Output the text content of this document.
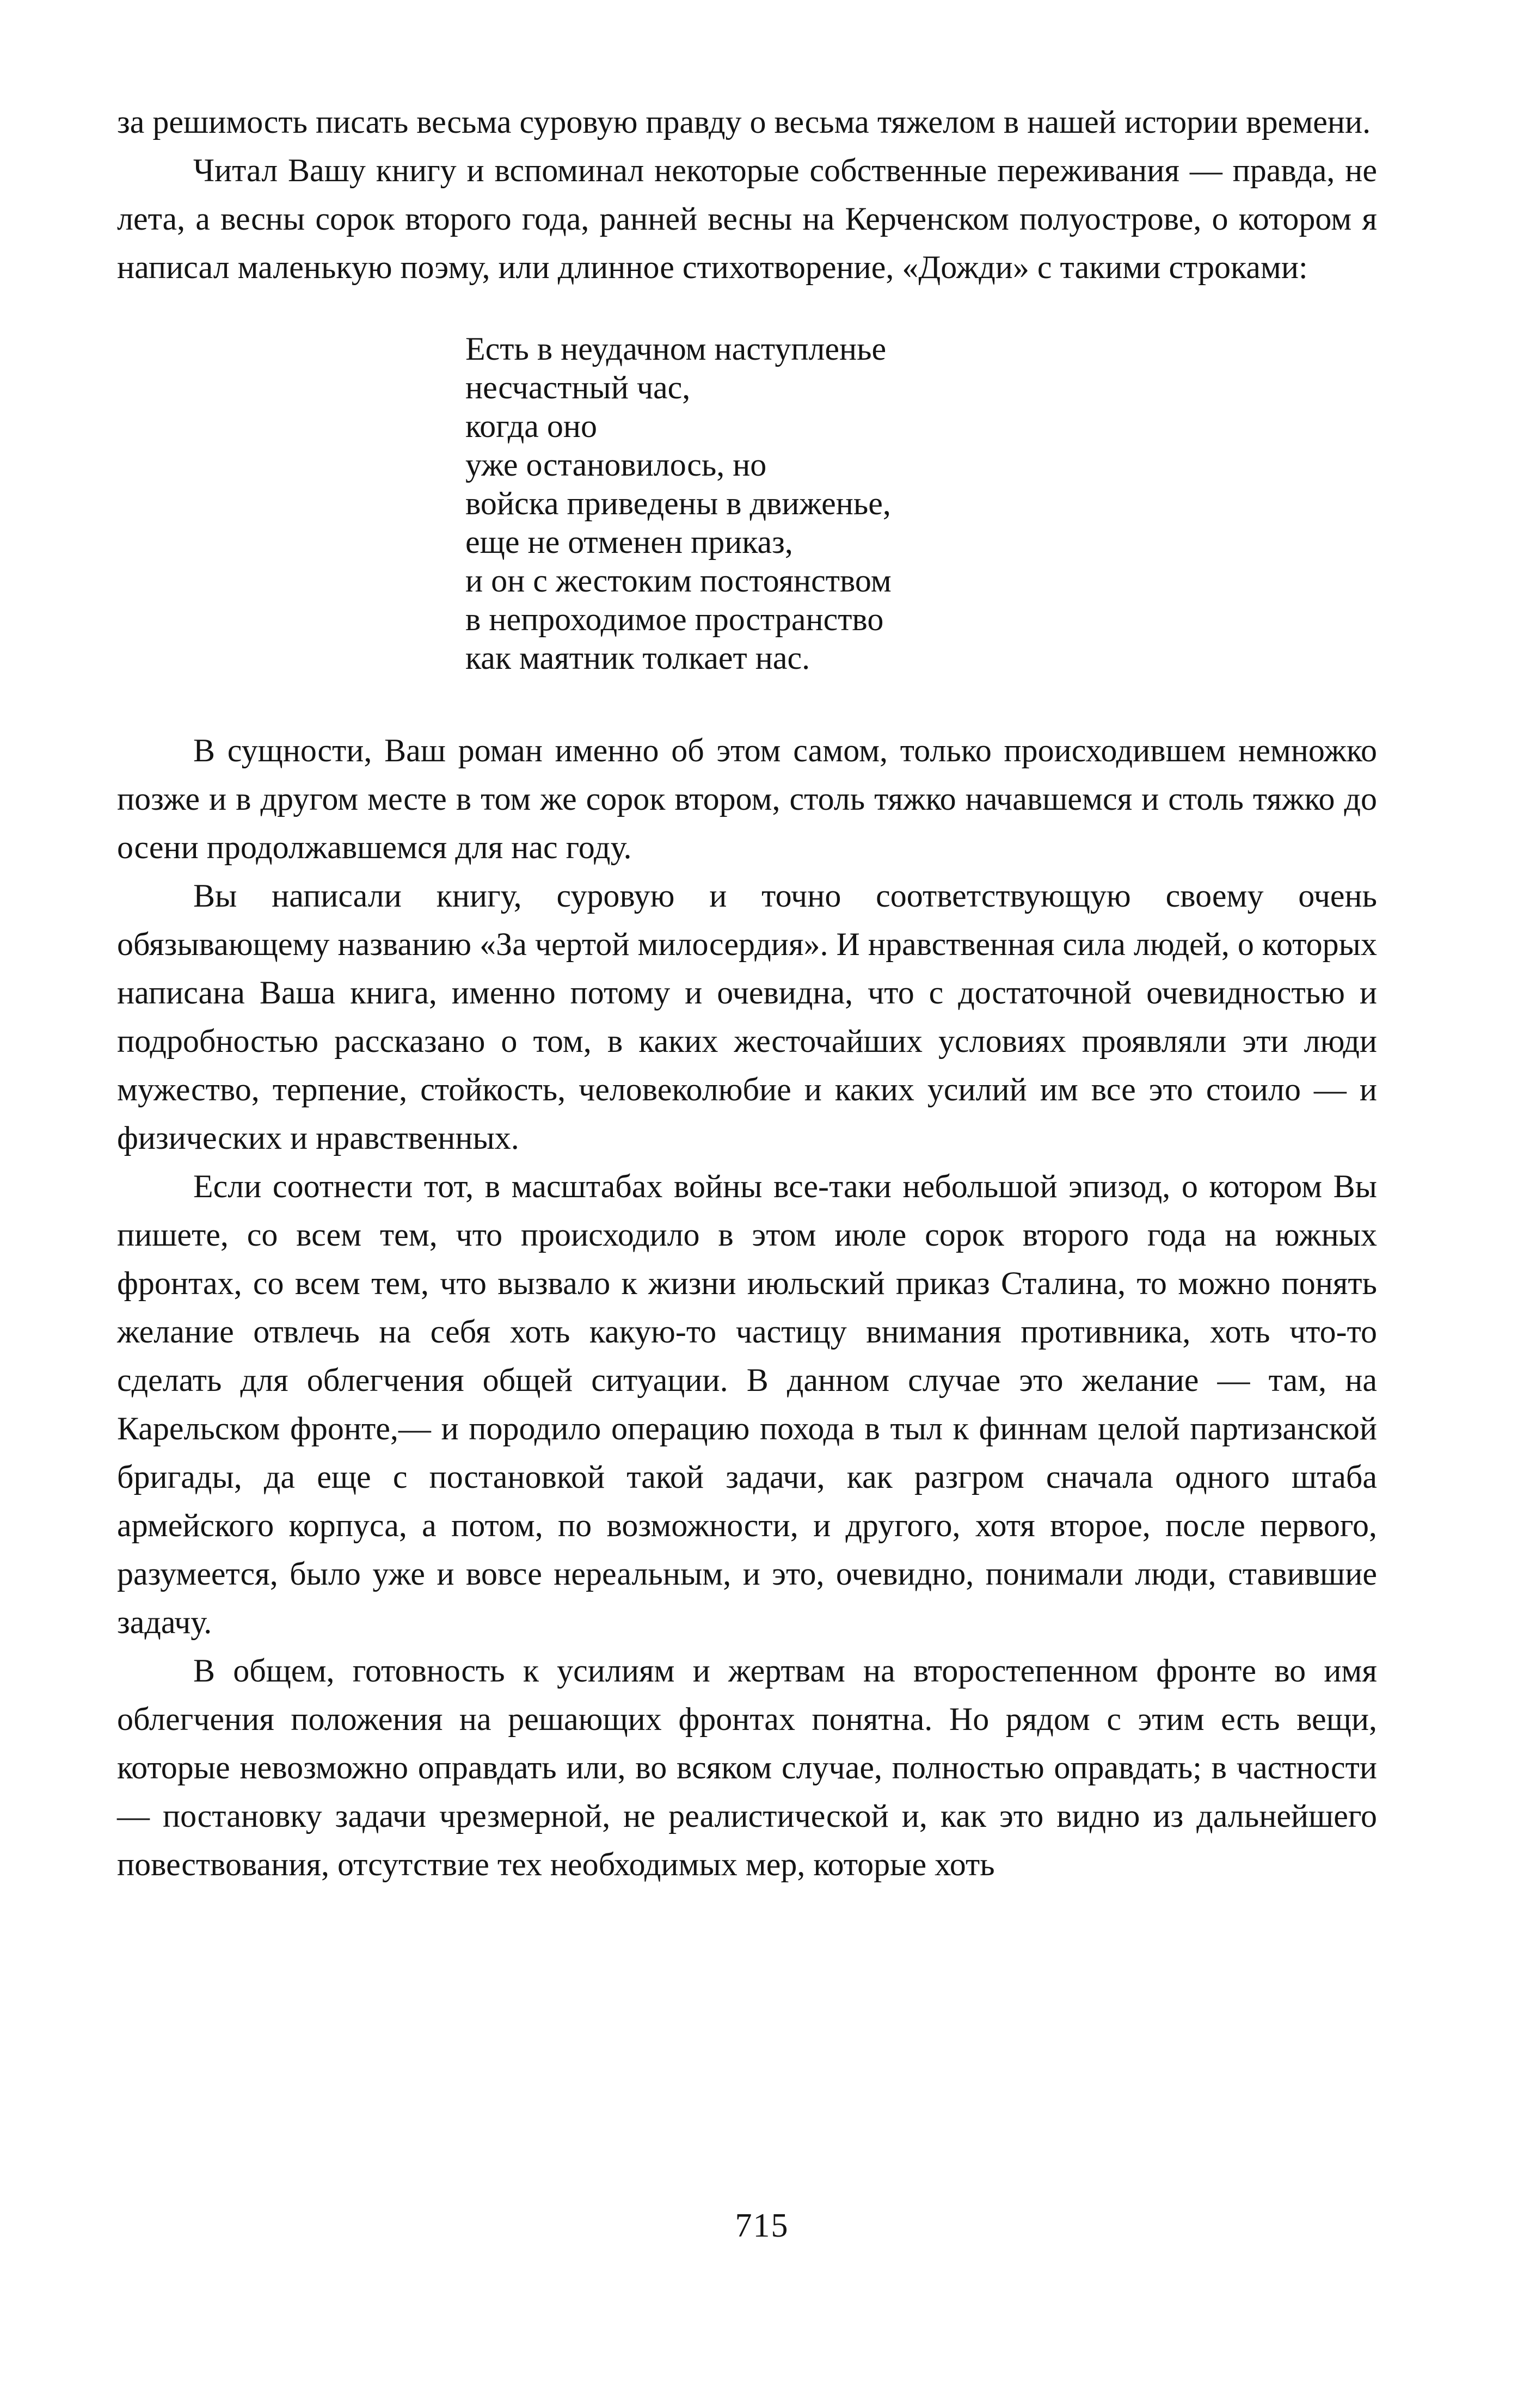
за решимость писать весьма суровую правду о весьма тяжелом в нашей истории времени.

Читал Вашу книгу и вспоминал некоторые собственные переживания — правда, не лета, а весны сорок второго года, ранней весны на Керченском полуострове, о котором я написал маленькую поэму, или длинное стихотворение, «Дожди» с такими строками:

Есть в неудачном наступленье
несчастный час,
когда оно
уже остановилось, но
войска приведены в движенье,
еще не отменен приказ,
и он с жестоким постоянством
в непроходимое пространство
как маятник толкает нас.

В сущности, Ваш роман именно об этом самом, только происходившем немножко позже и в другом месте в том же сорок втором, столь тяжко начавшемся и столь тяжко до осени продолжавшемся для нас году.

Вы написали книгу, суровую и точно соответствующую своему очень обязывающему названию «За чертой милосердия». И нравственная сила людей, о которых написана Ваша книга, именно потому и очевидна, что с достаточной очевидностью и подробностью рассказано о том, в каких жесточайших условиях проявляли эти люди мужество, терпение, стойкость, человеколюбие и каких усилий им все это стоило — и физических и нравственных.

Если соотнести тот, в масштабах войны все-таки небольшой эпизод, о котором Вы пишете, со всем тем, что происходило в этом июле сорок второго года на южных фронтах, со всем тем, что вызвало к жизни июльский приказ Сталина, то можно понять желание отвлечь на себя хоть какую-то частицу внимания противника, хоть что-то сделать для облегчения общей ситуации. В данном случае это желание — там, на Карельском фронте,— и породило операцию похода в тыл к финнам целой партизанской бригады, да еще с постановкой такой задачи, как разгром сначала одного штаба армейского корпуса, а потом, по возможности, и другого, хотя второе, после первого, разумеется, было уже и вовсе нереальным, и это, очевидно, понимали люди, ставившие задачу.

В общем, готовность к усилиям и жертвам на второстепенном фронте во имя облегчения положения на решающих фронтах понятна. Но рядом с этим есть вещи, которые невозможно оправдать или, во всяком случае, полностью оправдать; в частности — постановку задачи чрезмерной, не реалистической и, как это видно из дальнейшего повествования, отсутствие тех необходимых мер, которые хоть

715
